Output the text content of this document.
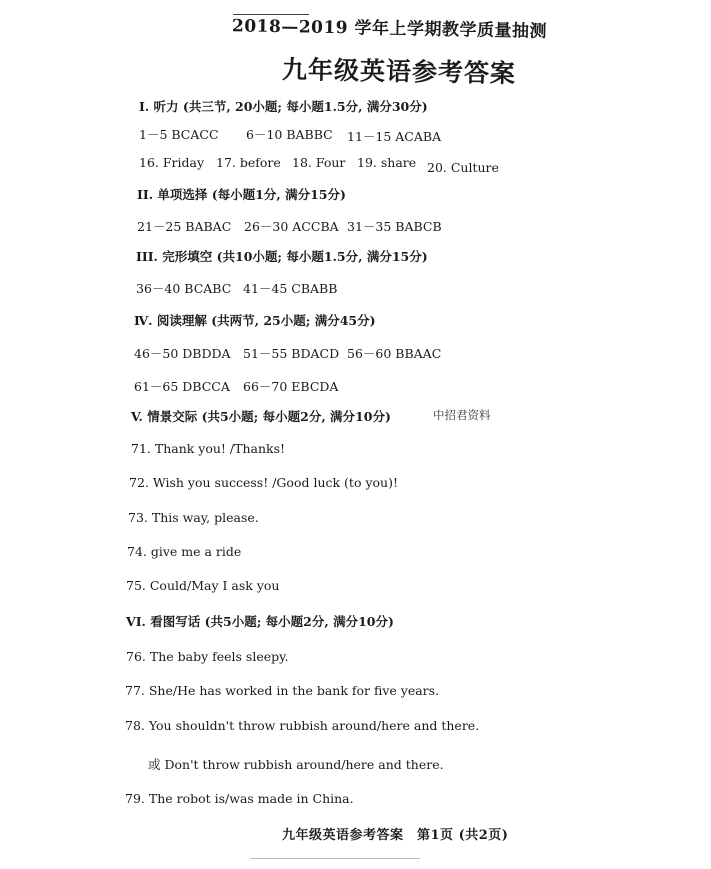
2018—2019 学年上学期教学质量抽测
九年级英语参考答案
I. 听力 (共三节, 20小题; 每小题1.5分, 满分30分)
1－5 BCACC 6－10 BABBC 11－15 ACABA
16. Friday 17. before 18. Four 19. share 20. Culture
II. 单项选择 (每小题1分, 满分15分)
21－25 BABAC 26－30 ACCBA 31－35 BABCB
III. 完形填空 (共10小题; 每小题1.5分, 满分15分)
36－40 BCABC 41－45 CBABB
Ⅳ. 阅读理解 (共两节, 25小题; 满分45分)
46－50 DBDDA 51－55 BDACD 56－60 BBAAC
61－65 DBCCA 66－70 EBCDA
V. 情景交际 (共5小题; 每小题2分, 满分10分)	中招君资料
71. Thank you! /Thanks!
72. Wish you success! /Good luck (to you)!
73. This way, please.
74. give me a ride
75. Could/May I ask you
VI. 看图写话 (共5小题; 每小题2分, 满分10分)
76. The baby feels sleepy.
77. She/He has worked in the bank for five years.
78. You shouldn't throw rubbish around/here and there.
或 Don't throw rubbish around/here and there.
79. The robot is/was made in China.
九年级英语参考答案　第1页 (共2页)
